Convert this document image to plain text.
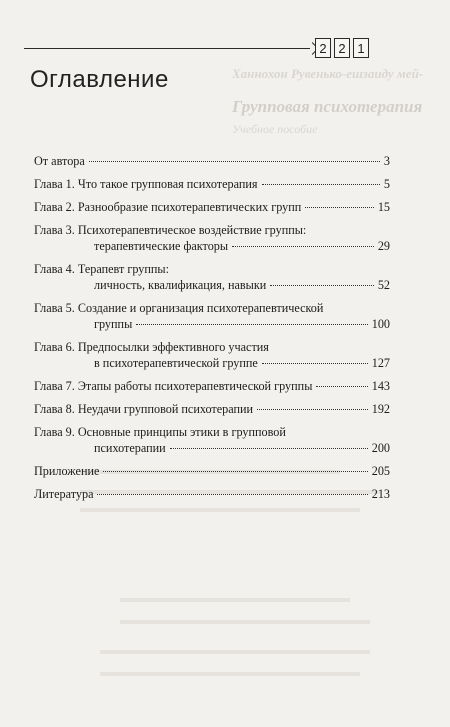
Ханнохон Рувенько-ешзаиду мей-
Групповая психотерапия
Учебное пособие
2 2 1
Оглавление
От автора	3
Глава 1. Что такое групповая психотерапия	5
Глава 2. Разнообразие психотерапевтических групп	15
Глава 3. Психотерапевтическое воздействие группы:
терапевтические факторы	29
Глава 4. Терапевт группы:
личность, квалификация, навыки	52
Глава 5. Создание и организация психотерапевтической
группы	100
Глава 6. Предпосылки эффективного участия
в психотерапевтической группе	127
Глава 7. Этапы работы психотерапевтической группы	143
Глава 8. Неудачи групповой психотерапии	192
Глава 9. Основные принципы этики в групповой
психотерапии	200
Приложение	205
Литература	213
